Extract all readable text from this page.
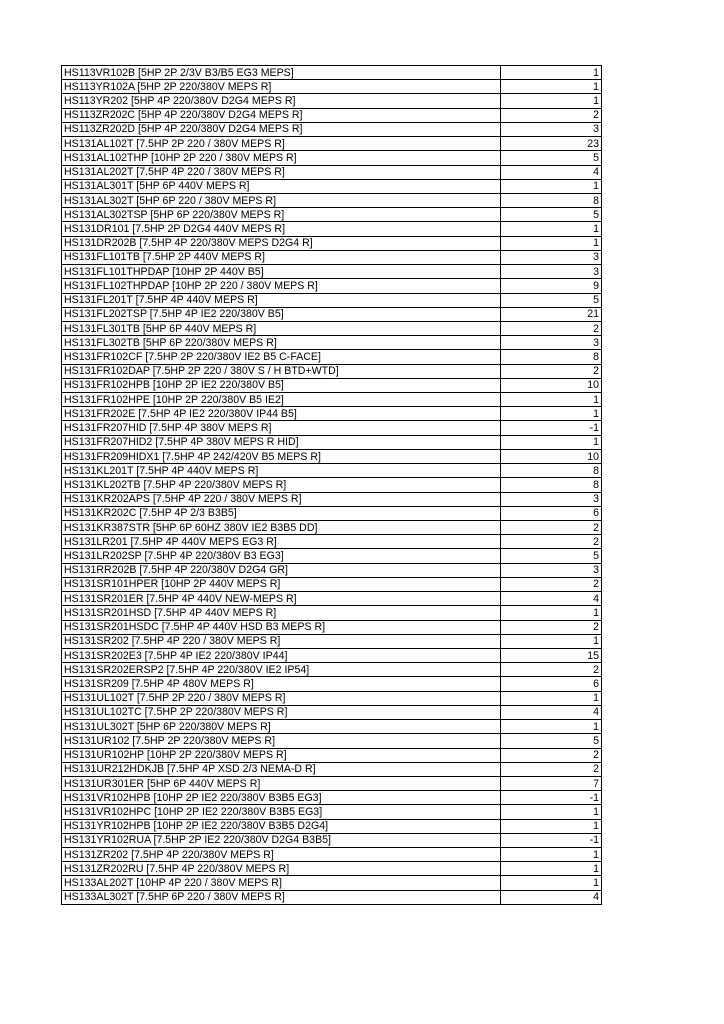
HS113VR102B [5HP 2P 2/3V B3/B5 EG3 MEPS]	1
HS113YR102A [5HP 2P 220/380V MEPS R]	1
HS113YR202 [5HP 4P 220/380V D2G4 MEPS R]	1
HS113ZR202C [5HP 4P 220/380V D2G4 MEPS R]	2
HS113ZR202D [5HP 4P 220/380V D2G4 MEPS R]	3
HS131AL102T [7.5HP 2P 220 / 380V MEPS R]	23
HS131AL102THP [10HP 2P 220 / 380V MEPS R]	5
HS131AL202T [7.5HP 4P 220 / 380V MEPS R]	4
HS131AL301T [5HP 6P 440V MEPS R]	1
HS131AL302T [5HP 6P 220 / 380V MEPS R]	8
HS131AL302TSP [5HP 6P 220/380V MEPS R]	5
HS131DR101 [7.5HP 2P D2G4 440V MEPS R]	1
HS131DR202B [7.5HP 4P 220/380V MEPS D2G4 R]	1
HS131FL101TB [7.5HP 2P 440V MEPS R]	3
HS131FL101THPDAP [10HP 2P 440V B5]	3
HS131FL102THPDAP [10HP 2P 220 / 380V MEPS R]	9
HS131FL201T [7.5HP 4P 440V MEPS R]	5
HS131FL202TSP [7.5HP 4P IE2 220/380V B5]	21
HS131FL301TB [5HP 6P 440V MEPS R]	2
HS131FL302TB [5HP 6P 220/380V MEPS R]	3
HS131FR102CF [7.5HP 2P 220/380V IE2 B5 C-FACE]	8
HS131FR102DAP [7.5HP 2P 220 / 380V S / H BTD+WTD]	2
HS131FR102HPB [10HP 2P IE2 220/380V B5]	10
HS131FR102HPE [10HP 2P 220/380V B5 IE2]	1
HS131FR202E [7.5HP 4P IE2 220/380V IP44 B5]	1
HS131FR207HID [7.5HP 4P 380V MEPS R]	-1
HS131FR207HID2 [7.5HP 4P 380V MEPS R HID]	1
HS131FR209HIDX1 [7.5HP 4P 242/420V B5 MEPS R]	10
HS131KL201T [7.5HP 4P 440V MEPS R]	8
HS131KL202TB [7.5HP 4P 220/380V MEPS R]	8
HS131KR202APS [7.5HP 4P 220 / 380V MEPS R]	3
HS131KR202C [7.5HP 4P 2/3 B3B5]	6
HS131KR387STR [5HP 6P 60HZ 380V IE2 B3B5 DD]	2
HS131LR201 [7.5HP 4P 440V MEPS EG3 R]	2
HS131LR202SP [7.5HP 4P 220/380V B3 EG3]	5
HS131RR202B [7.5HP 4P 220/380V D2G4 GR]	3
HS131SR101HPER [10HP 2P 440V MEPS R]	2
HS131SR201ER [7.5HP 4P 440V NEW-MEPS R]	4
HS131SR201HSD [7.5HP 4P 440V MEPS R]	1
HS131SR201HSDC [7.5HP 4P 440V HSD B3 MEPS R]	2
HS131SR202 [7.5HP 4P 220 / 380V MEPS R]	1
HS131SR202E3 [7.5HP 4P IE2 220/380V IP44]	15
HS131SR202ERSP2 [7.5HP 4P 220/380V IE2 IP54]	2
HS131SR209 [7.5HP 4P 480V MEPS R]	6
HS131UL102T [7.5HP 2P 220 / 380V MEPS R]	1
HS131UL102TC [7.5HP 2P 220/380V MEPS R]	4
HS131UL302T [5HP 6P 220/380V MEPS R]	1
HS131UR102 [7.5HP 2P 220/380V MEPS R]	5
HS131UR102HP [10HP 2P 220/380V MEPS R]	2
HS131UR212HDKJB [7.5HP 4P XSD 2/3 NEMA-D R]	2
HS131UR301ER [5HP 6P 440V MEPS R]	7
HS131VR102HPB [10HP 2P IE2 220/380V B3B5 EG3]	-1
HS131VR102HPC [10HP 2P IE2 220/380V B3B5 EG3]	1
HS131YR102HPB [10HP 2P IE2 220/380V B3B5 D2G4]	1
HS131YR102RUA [7.5HP 2P IE2 220/380V D2G4 B3B5]	-1
HS131ZR202 [7.5HP 4P 220/380V MEPS R]	1
HS131ZR202RU [7.5HP 4P 220/380V MEPS R]	1
HS133AL202T [10HP 4P 220 / 380V MEPS R]	1
HS133AL302T [7.5HP 6P 220 / 380V MEPS R]	4
